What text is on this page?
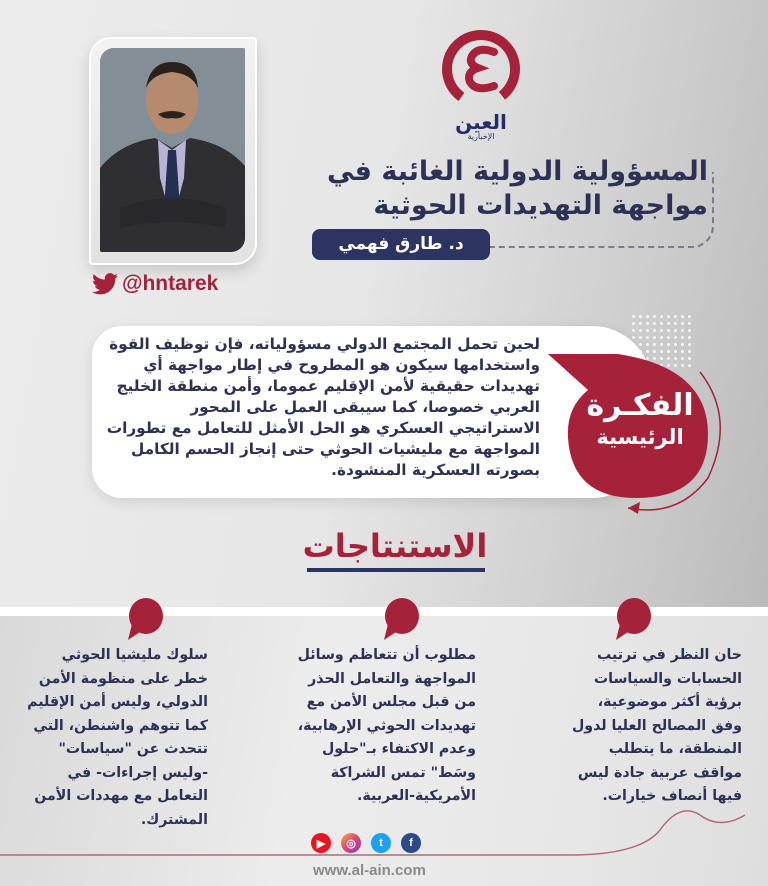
@hntarek
العين
الإخبارية
المسؤولية الدولية الغائبة في مواجهة التهديدات الحوثية
د. طارق فهمي

لحين تحمل المجتمع الدولي مسؤولياته، فإن توظيف القوة واستخدامها سيكون هو المطروح في إطار مواجهة أي تهديدات حقيقية لأمن الإقليم عموما، وأمن منطقة الخليج العربي خصوصا، كما سيبقى العمل على المحور الاستراتيجي العسكري هو الحل الأمثل للتعامل مع تطورات المواجهة مع مليشيات الحوثي حتى إنجاز الحسم الكامل بصورته العسكرية المنشودة.

الفكـرة
الرئيسية
الاستنتاجات

حان النظر في ترتيب الحسابات والسياسات برؤية أكثر موضوعية، وفق المصالح العليا لدول المنطقة، ما يتطلب مواقف عربية جادة ليس فيها أنصاف خيارات.

مطلوب أن تتعاظم وسائل المواجهة والتعامل الحذر من قبل مجلس الأمن مع تهديدات الحوثي الإرهابية، وعدم الاكتفاء بـ"حلول وسَط" تمس الشراكة الأمريكية-العربية.

سلوك مليشيا الحوثي خطر على منظومة الأمن الدولي، وليس أمن الإقليم كما تتوهم واشنطن، التي تتحدث عن "سياسات" -وليس إجراءات- في التعامل مع مهددات الأمن المشترك.

▶	◎	t	f
www.al-ain.com
